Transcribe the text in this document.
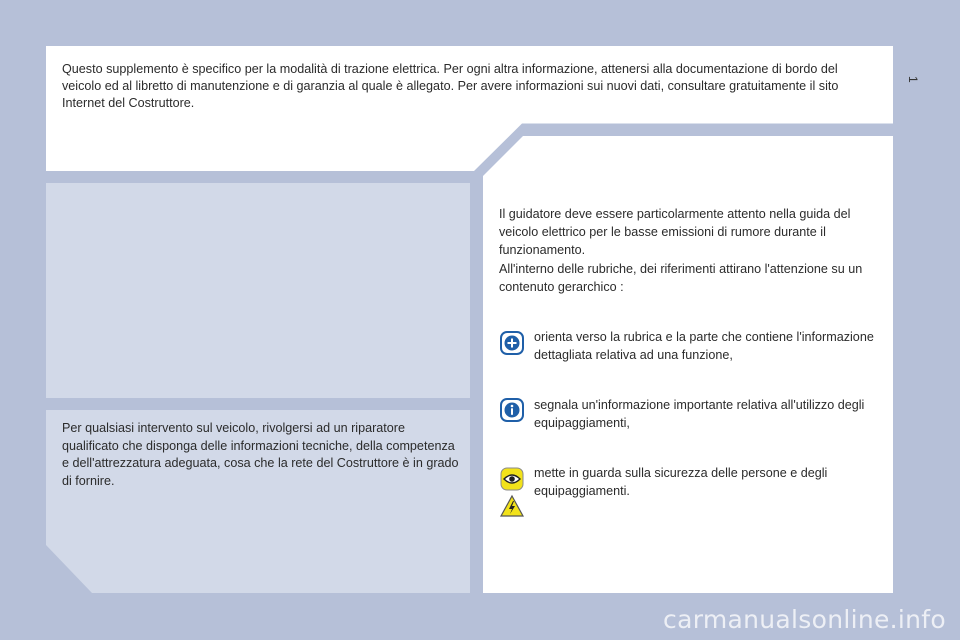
1
Questo supplemento è specifico per la modalità di trazione elettrica. Per ogni altra informazione, attenersi alla documentazione di bordo del veicolo ed al libretto di manutenzione e di garanzia al quale è allegato. Per avere informazioni sui nuovi dati, consultare gratuitamente il sito Internet del Costruttore.
Per qualsiasi intervento sul veicolo, rivolgersi ad un riparatore qualificato che disponga delle informazioni tecniche, della competenza e dell'attrezzatura adeguata, cosa che la rete del Costruttore è in grado di fornire.
Il guidatore deve essere particolarmente attento nella guida del veicolo elettrico per le basse emissioni di rumore durante il funzionamento.
All'interno delle rubriche, dei riferimenti attirano l'attenzione su un contenuto gerarchico :
orienta verso la rubrica e la parte che contiene l'informazione dettagliata relativa ad una funzione,
segnala un'informazione importante relativa all'utilizzo degli equipaggiamenti,
mette in guarda sulla sicurezza delle persone e degli equipaggiamenti.
carmanualsonline.info
